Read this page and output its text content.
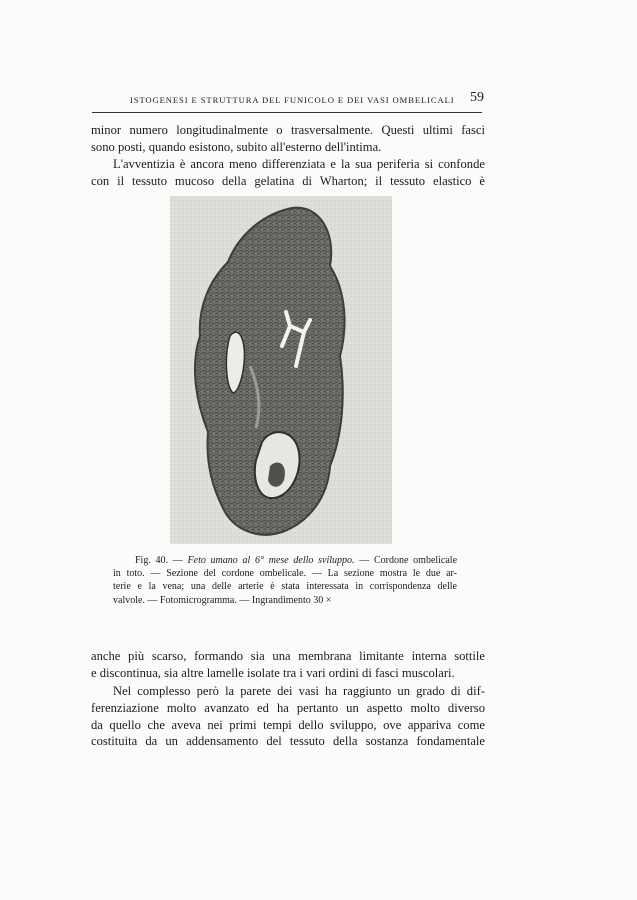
ISTOGENESI E STRUTTURA DEL FUNICOLO E DEI VASI OMBELICALI 59
minor numero longitudinalmente o trasversalmente. Questi ultimi fasci
sono posti, quando esistono, subito all'esterno dell'intima.
L'avventizia è ancora meno differenziata e la sua periferia si confonde
con il tessuto mucoso della gelatina di Wharton; il tessuto elastico è
Fig. 40. — Feto umano al 6° mese dello sviluppo. — Cordone ombelicale
in toto. — Sezione del cordone ombelicale. — La sezione mostra le due ar-
terie e la vena; una delle arterie è stata interessata in corrispondenza delle
valvole. — Fotomicrogramma. — Ingrandimento 30 ×
anche più scarso, formando sia una membrana limitante interna sottile
e discontinua, sia altre lamelle isolate tra i vari ordini di fasci muscolari.
Nel complesso però la parete dei vasi ha raggiunto un grado di dif-
ferenziazione molto avanzato ed ha pertanto un aspetto molto diverso
da quello che aveva nei primi tempi dello sviluppo, ove appariva come
costituita da un addensamento del tessuto della sostanza fondamentale
